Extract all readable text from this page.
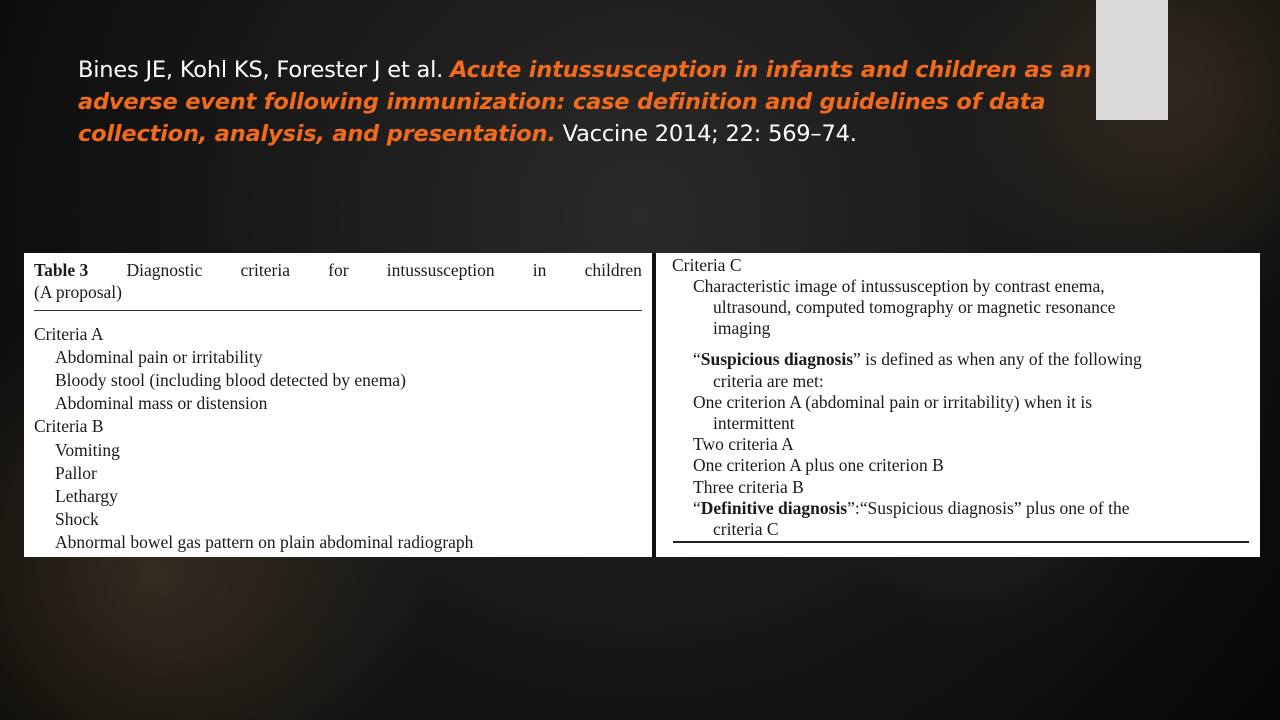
Bines JE, Kohl KS, Forester J et al. Acute intussusception in infants and children as an adverse event following immunization: case definition and guidelines of data collection, analysis, and presentation. Vaccine 2014; 22: 569–74.
Table 3 Diagnostic criteria for intussusception in children
(A proposal)
Criteria A
Abdominal pain or irritability
Bloody stool (including blood detected by enema)
Abdominal mass or distension
Criteria B
Vomiting
Pallor
Lethargy
Shock
Abnormal bowel gas pattern on plain abdominal radiograph
Criteria C
Characteristic image of intussusception by contrast enema,
ultrasound, computed tomography or magnetic resonance
imaging
“Suspicious diagnosis” is defined as when any of the following
criteria are met:
One criterion A (abdominal pain or irritability) when it is
intermittent
Two criteria A
One criterion A plus one criterion B
Three criteria B
“Definitive diagnosis”:“Suspicious diagnosis” plus one of the
criteria C
